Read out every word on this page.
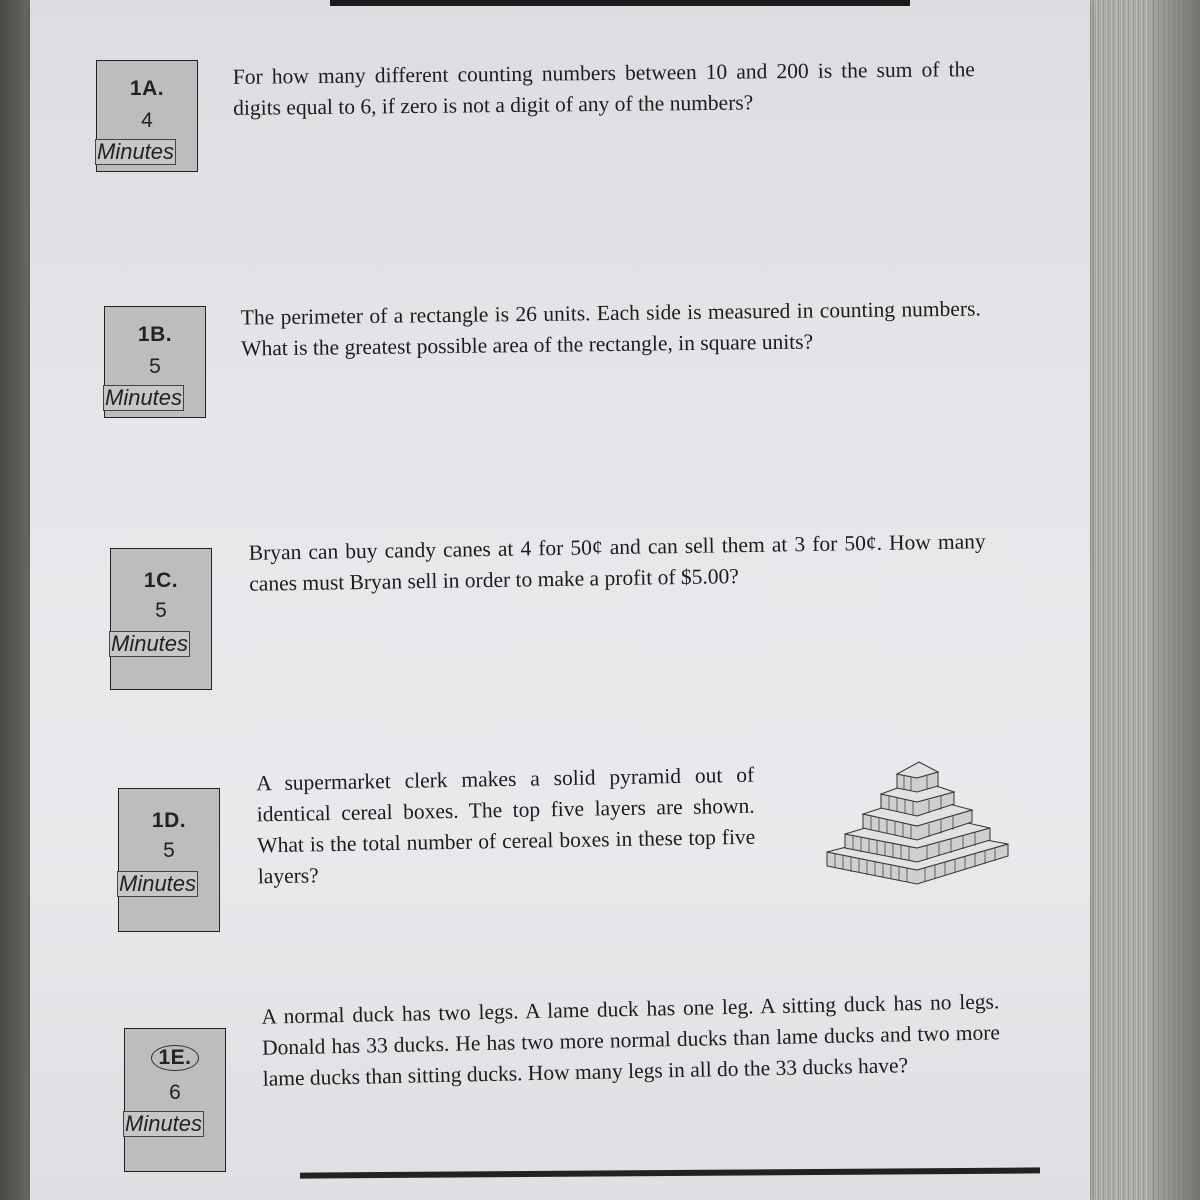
1A.
4
Minutes
For how many different counting numbers between 10 and 200 is the sum of the digits equal to 6, if zero is not a digit of any of the numbers?
1B.
5
Minutes
The perimeter of a rectangle is 26 units. Each side is measured in counting numbers. What is the greatest possible area of the rectangle, in square units?
1C.
5
Minutes
Bryan can buy candy canes at 4 for 50¢ and can sell them at 3 for 50¢. How many canes must Bryan sell in order to make a profit of $5.00?
1D.
5
Minutes
A supermarket clerk makes a solid pyramid out of identical cereal boxes. The top five layers are shown. What is the total number of cereal boxes in these top five layers?
1E.
6
Minutes
A normal duck has two legs. A lame duck has one leg. A sitting duck has no legs. Donald has 33 ducks. He has two more normal ducks than lame ducks and two more lame ducks than sitting ducks. How many legs in all do the 33 ducks have?
